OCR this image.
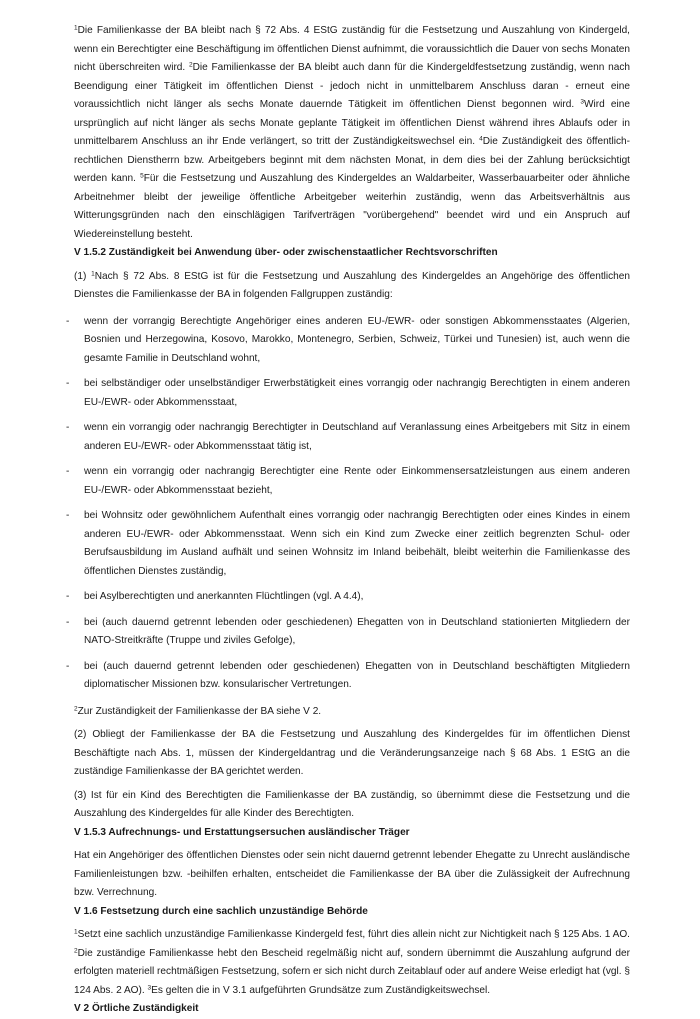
$^1$Die Familienkasse der BA bleibt nach § 72 Abs. 4 EStG zuständig für die Festsetzung und Auszahlung von Kindergeld, wenn ein Berechtigter eine Beschäftigung im öffentlichen Dienst aufnimmt, die voraussichtlich die Dauer von sechs Monaten nicht überschreiten wird. $^2$Die Familienkasse der BA bleibt auch dann für die Kindergeldfestsetzung zuständig, wenn nach Beendigung einer Tätigkeit im öffentlichen Dienst - jedoch nicht in unmittelbarem Anschluss daran - erneut eine voraussichtlich nicht länger als sechs Monate dauernde Tätigkeit im öffentlichen Dienst begonnen wird. $^3$Wird eine ursprünglich auf nicht länger als sechs Monate geplante Tätigkeit im öffentlichen Dienst während ihres Ablaufs oder in unmittelbarem Anschluss an ihr Ende verlängert, so tritt der Zuständigkeitswechsel ein. $^4$Die Zuständigkeit des öffentlich-rechtlichen Dienstherrn bzw. Arbeitgebers beginnt mit dem nächsten Monat, in dem dies bei der Zahlung berücksichtigt werden kann. $^5$Für die Festsetzung und Auszahlung des Kindergeldes an Waldarbeiter, Wasserbauarbeiter oder ähnliche Arbeitnehmer bleibt der jeweilige öffentliche Arbeitgeber weiterhin zuständig, wenn das Arbeitsverhältnis aus Witterungsgründen nach den einschlägigen Tarifverträgen "vorübergehend" beendet wird und ein Anspruch auf Wiedereinstellung besteht.

V 1.5.2 Zuständigkeit bei Anwendung über- oder zwischenstaatlicher Rechtsvorschriften

(1) $^1$Nach § 72 Abs. 8 EStG ist für die Festsetzung und Auszahlung des Kindergeldes an Angehörige des öffentlichen Dienstes die Familienkasse der BA in folgenden Fallgruppen zuständig:

- wenn der vorrangig Berechtigte Angehöriger eines anderen EU-/EWR- oder sonstigen Abkommensstaates (Algerien, Bosnien und Herzegowina, Kosovo, Marokko, Montenegro, Serbien, Schweiz, Türkei und Tunesien) ist, auch wenn die gesamte Familie in Deutschland wohnt,

- bei selbständiger oder unselbständiger Erwerbstätigkeit eines vorrangig oder nachrangig Berechtigten in einem anderen EU-/EWR- oder Abkommensstaat,

- wenn ein vorrangig oder nachrangig Berechtigter in Deutschland auf Veranlassung eines Arbeitgebers mit Sitz in einem anderen EU-/EWR- oder Abkommensstaat tätig ist,

- wenn ein vorrangig oder nachrangig Berechtigter eine Rente oder Einkommensersatzleistungen aus einem anderen EU-/EWR- oder Abkommensstaat bezieht,

- bei Wohnsitz oder gewöhnlichem Aufenthalt eines vorrangig oder nachrangig Berechtigten oder eines Kindes in einem anderen EU-/EWR- oder Abkommensstaat. Wenn sich ein Kind zum Zwecke einer zeitlich begrenzten Schul- oder Berufsausbildung im Ausland aufhält und seinen Wohnsitz im Inland beibehält, bleibt weiterhin die Familienkasse des öffentlichen Dienstes zuständig,

- bei Asylberechtigten und anerkannten Flüchtlingen (vgl. A 4.4),

- bei (auch dauernd getrennt lebenden oder geschiedenen) Ehegatten von in Deutschland stationierten Mitgliedern der NATO-Streitkräfte (Truppe und ziviles Gefolge),

- bei (auch dauernd getrennt lebenden oder geschiedenen) Ehegatten von in Deutschland beschäftigten Mitgliedern diplomatischer Missionen bzw. konsularischer Vertretungen.

$^2$Zur Zuständigkeit der Familienkasse der BA siehe V 2.

(2) Obliegt der Familienkasse der BA die Festsetzung und Auszahlung des Kindergeldes für im öffentlichen Dienst Beschäftigte nach Abs. 1, müssen der Kindergeldantrag und die Veränderungsanzeige nach § 68 Abs. 1 EStG an die zuständige Familienkasse der BA gerichtet werden.

(3) Ist für ein Kind des Berechtigten die Familienkasse der BA zuständig, so übernimmt diese die Festsetzung und die Auszahlung des Kindergeldes für alle Kinder des Berechtigten.

V 1.5.3 Aufrechnungs- und Erstattungsersuchen ausländischer Träger

Hat ein Angehöriger des öffentlichen Dienstes oder sein nicht dauernd getrennt lebender Ehegatte zu Unrecht ausländische Familienleistungen bzw. -beihilfen erhalten, entscheidet die Familienkasse der BA über die Zulässigkeit der Aufrechnung bzw. Verrechnung.

V 1.6 Festsetzung durch eine sachlich unzuständige Behörde

$^1$Setzt eine sachlich unzuständige Familienkasse Kindergeld fest, führt dies allein nicht zur Nichtigkeit nach § 125 Abs. 1 AO. $^2$Die zuständige Familienkasse hebt den Bescheid regelmäßig nicht auf, sondern übernimmt die Auszahlung aufgrund der erfolgten materiell rechtmäßigen Festsetzung, sofern er sich nicht durch Zeitablauf oder auf andere Weise erledigt hat (vgl. § 124 Abs. 2 AO). $^3$Es gelten die in V 3.1 aufgeführten Grundsätze zum Zuständigkeitswechsel.

V 2 Örtliche Zuständigkeit
